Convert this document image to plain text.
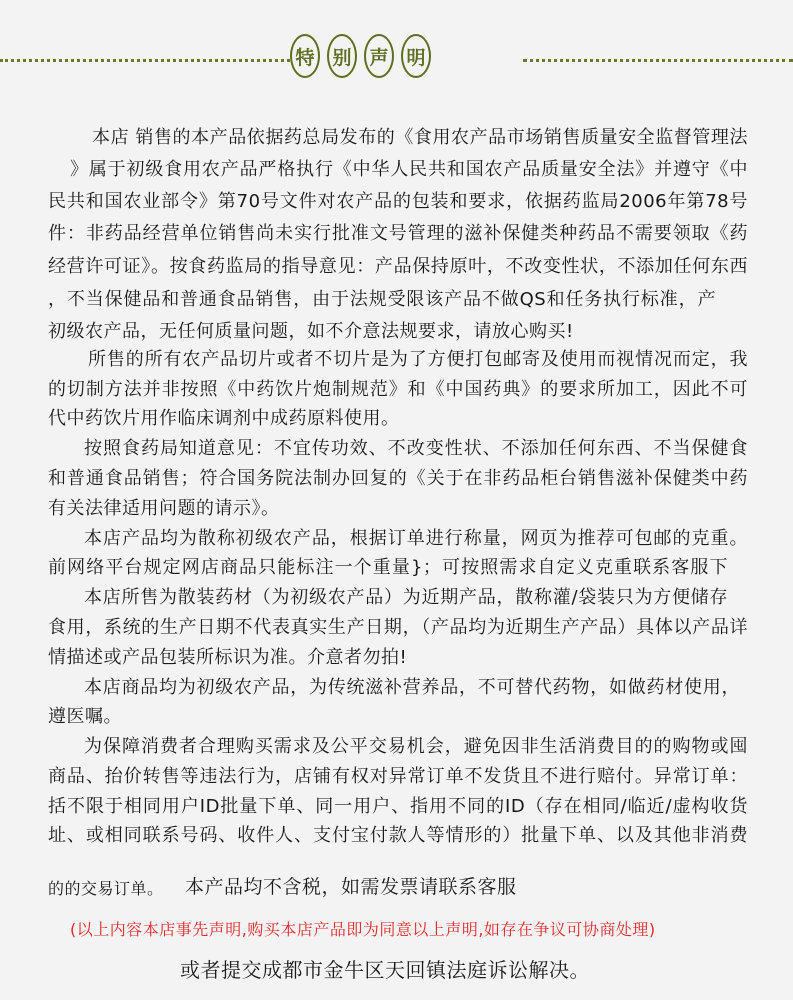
特 别 声 明
本店 销售的本产品依据药总局发布的《食用农产品市场销售质量安全监督管理法
》属于初级食用农产品严格执行《中华人民共和国农产品质量安全法》并遵守《中
民共和国农业部令》第70号文件对农产品的包装和要求，依据药监局2006年第78号
件：非药品经营单位销售尚未实行批准文号管理的滋补保健类种药品不需要领取《药
经营许可证》。按食药监局的指导意见：产品保持原叶，不改变性状，不添加任何东西
，不当保健品和普通食品销售，由于法规受限该产品不做QS和任务执行标准，产
初级农产品，无任何质量问题，如不介意法规要求，请放心购买!
所售的所有农产品切片或者不切片是为了方便打包邮寄及使用而视情况而定，我
的切制方法并非按照《中药饮片炮制规范》和《中国药典》的要求所加工，因此不可
代中药饮片用作临床调剂中成药原料使用。
按照食药局知道意见：不宜传功效、不改变性状、不添加任何东西、不当保健食
和普通食品销售；符合国务院法制办回复的《关于在非药品柜台销售滋补保健类中药
有关法律适用问题的请示》。
本店产品均为散称初级农产品，根据订单进行称量，网页为推荐可包邮的克重。
前网络平台规定网店商品只能标注一个重量}；可按照需求自定义克重联系客服下
本店所售为散装药材（为初级农产品）为近期产品，散称灌/袋装只为方便储存
食用，系统的生产日期不代表真实生产日期，（产品均为近期生产产品）具体以产品详
情描述或产品包装所标识为准。介意者勿拍!
本店商品均为初级农产品，为传统滋补营养品，不可替代药物，如做药材使用，
遵医嘱。
为保障消费者合理购买需求及公平交易机会，避免因非生活消费目的的购物或囤
商品、抬价转售等违法行为，店铺有权对异常订单不发货且不进行赔付。异常订单：
括不限于相同用户ID批量下单、同一用户、指用不同的ID（存在相同/临近/虚构收货
址、或相同联系号码、收件人、支付宝付款人等情形的）批量下单、以及其他非消费
的的交易订单。 本产品均不含税，如需发票请联系客服
(以上内容本店事先声明,购买本店产品即为同意以上声明,如存在争议可协商处理)
或者提交成都市金牛区天回镇法庭诉讼解决。
